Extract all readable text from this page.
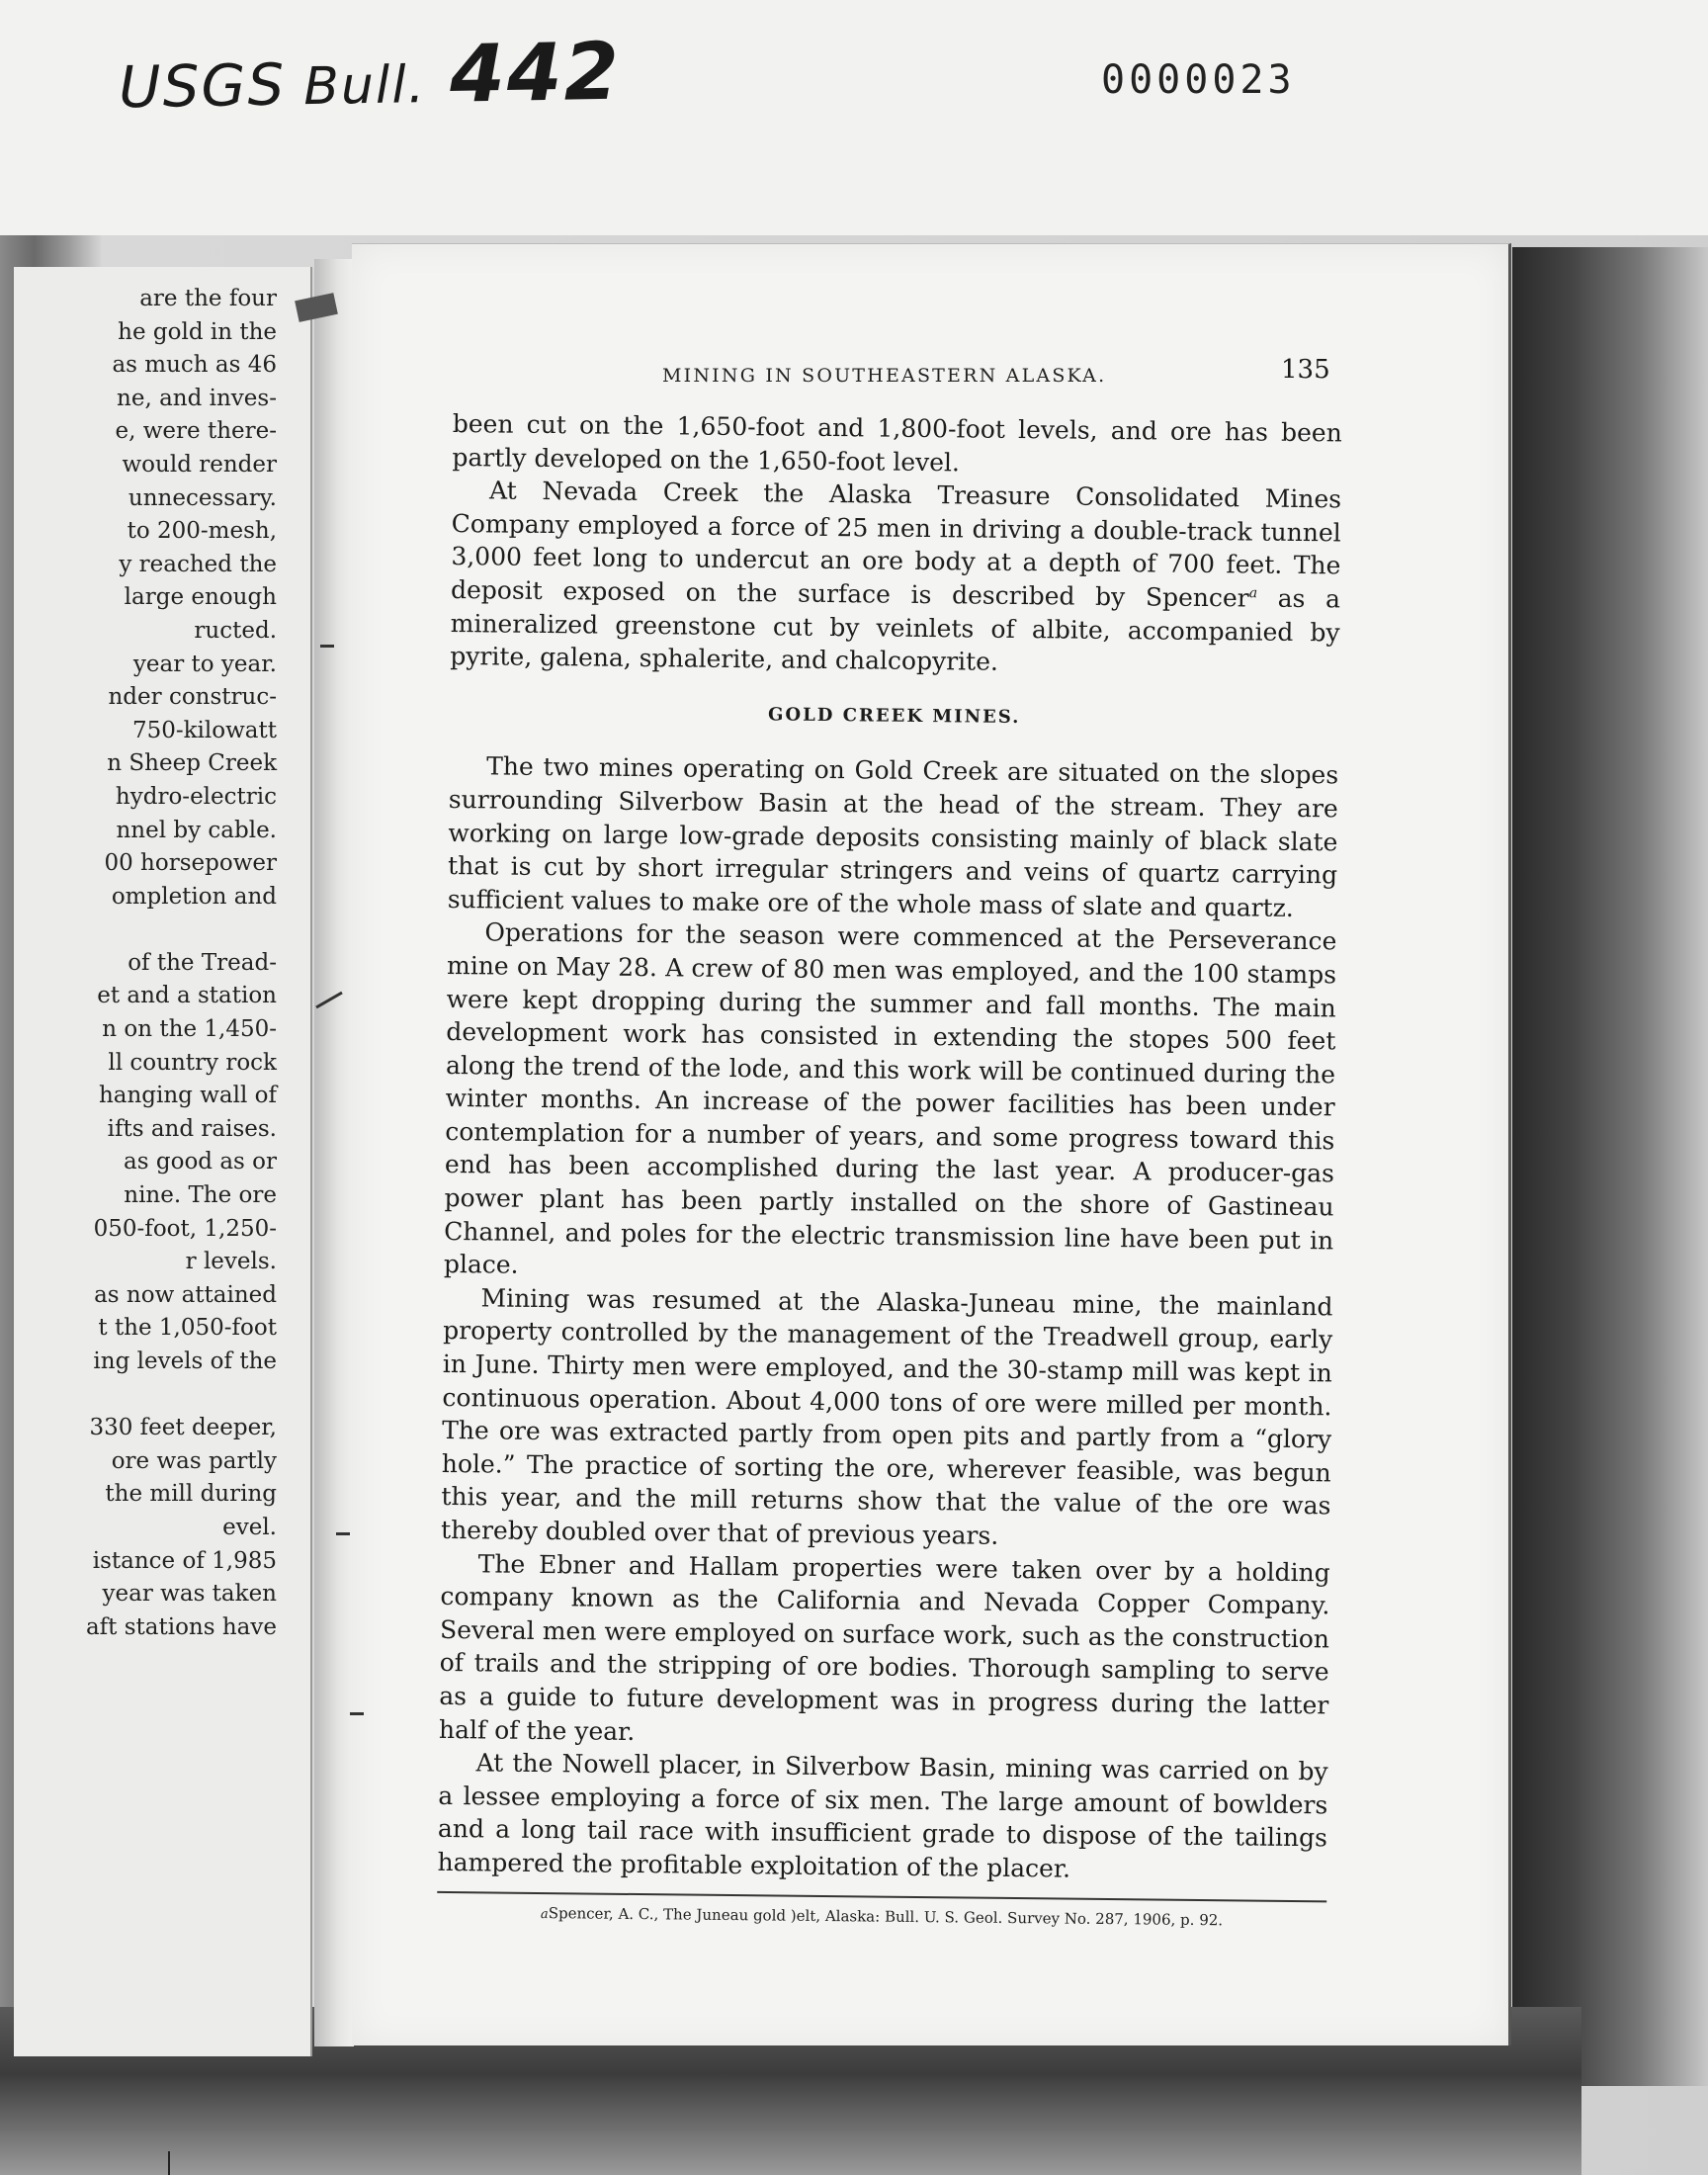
USGS Bull. 442	0000023
are the four
he gold in the
as much as 46
ne, and inves-
e, were there-
would render
unnecessary.
to 200-mesh,
y reached the
large enough
ructed.
year to year.
nder construc-
750-kilowatt
n Sheep Creek
hydro-electric
nnel by cable.
00 horsepower
ompletion and
of the Tread-
et and a station
n on the 1,450-
ll country rock
hanging wall of
ifts and raises.
as good as or
nine. The ore
050-foot, 1,250-
r levels.
as now attained
t the 1,050-foot
ing levels of the
330 feet deeper,
ore was partly
the mill during
evel.
istance of 1,985
year was taken
aft stations have
MINING IN SOUTHEASTERN ALASKA.	135

been cut on the 1,650-foot and 1,800-foot levels, and ore has been partly developed on the 1,650-foot level.

At Nevada Creek the Alaska Treasure Consolidated Mines Company employed a force of 25 men in driving a double-track tunnel 3,000 feet long to undercut an ore body at a depth of 700 feet. The deposit exposed on the surface is described by Spencer$^a$ as a mineralized greenstone cut by veinlets of albite, accompanied by pyrite, galena, sphalerite, and chalcopyrite.

GOLD CREEK MINES.

The two mines operating on Gold Creek are situated on the slopes surrounding Silverbow Basin at the head of the stream. They are working on large low-grade deposits consisting mainly of black slate that is cut by short irregular stringers and veins of quartz carrying sufficient values to make ore of the whole mass of slate and quartz.

Operations for the season were commenced at the Perseverance mine on May 28. A crew of 80 men was employed, and the 100 stamps were kept dropping during the summer and fall months. The main development work has consisted in extending the stopes 500 feet along the trend of the lode, and this work will be continued during the winter months. An increase of the power facilities has been under contemplation for a number of years, and some progress toward this end has been accomplished during the last year. A producer-gas power plant has been partly installed on the shore of Gastineau Channel, and poles for the electric transmission line have been put in place.

Mining was resumed at the Alaska-Juneau mine, the mainland property controlled by the management of the Treadwell group, early in June. Thirty men were employed, and the 30-stamp mill was kept in continuous operation. About 4,000 tons of ore were milled per month. The ore was extracted partly from open pits and partly from a “glory hole.” The practice of sorting the ore, wherever feasible, was begun this year, and the mill returns show that the value of the ore was thereby doubled over that of previous years.

The Ebner and Hallam properties were taken over by a holding company known as the California and Nevada Copper Company. Several men were employed on surface work, such as the construction of trails and the stripping of ore bodies. Thorough sampling to serve as a guide to future development was in progress during the latter half of the year.

At the Nowell placer, in Silverbow Basin, mining was carried on by a lessee employing a force of six men. The large amount of bowlders and a long tail race with insufficient grade to dispose of the tailings hampered the profitable exploitation of the placer.

aSpencer, A. C., The Juneau gold )elt, Alaska: Bull. U. S. Geol. Survey No. 287, 1906, p. 92.
